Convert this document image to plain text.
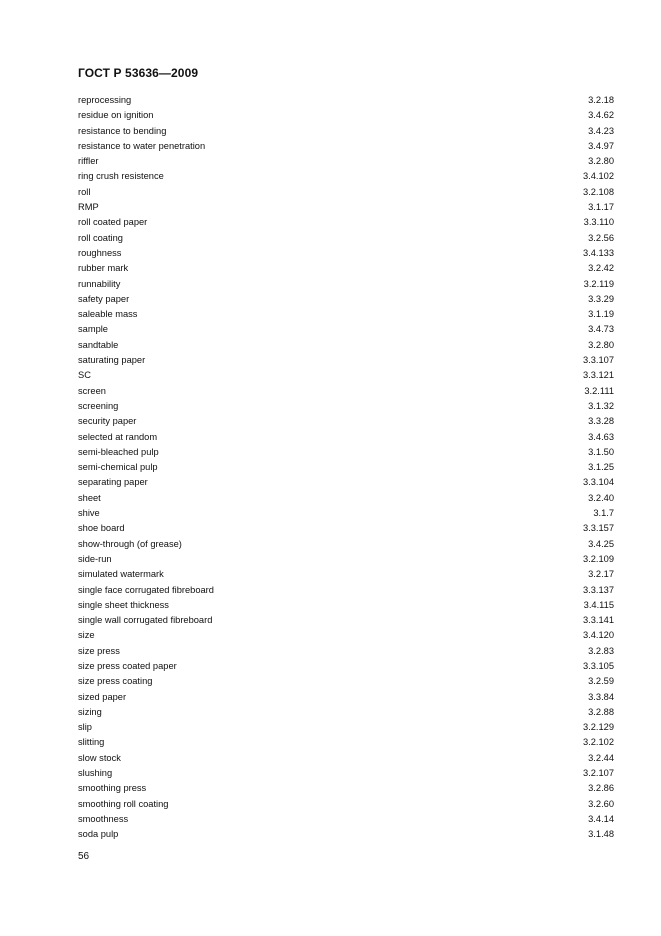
ГОСТ Р 53636—2009
reprocessing	3.2.18
residue on ignition	3.4.62
resistance to bending	3.4.23
resistance to water penetration	3.4.97
riffler	3.2.80
ring crush resistence	3.4.102
roll	3.2.108
RMP	3.1.17
roll coated paper	3.3.110
roll coating	3.2.56
roughness	3.4.133
rubber mark	3.2.42
runnability	3.2.119
safety paper	3.3.29
saleable mass	3.1.19
sample	3.4.73
sandtable	3.2.80
saturating paper	3.3.107
SC	3.3.121
screen	3.2.111
screening	3.1.32
security paper	3.3.28
selected at random	3.4.63
semi-bleached pulp	3.1.50
semi-chemical pulp	3.1.25
separating paper	3.3.104
sheet	3.2.40
shive	3.1.7
shoe board	3.3.157
show-through (of grease)	3.4.25
side-run	3.2.109
simulated watermark	3.2.17
single face corrugated fibreboard	3.3.137
single sheet thickness	3.4.115
single wall corrugated fibreboard	3.3.141
size	3.4.120
size press	3.2.83
size press coated paper	3.3.105
size press coating	3.2.59
sized paper	3.3.84
sizing	3.2.88
slip	3.2.129
slitting	3.2.102
slow stock	3.2.44
slushing	3.2.107
smoothing press	3.2.86
smoothing roll coating	3.2.60
smoothness	3.4.14
soda pulp	3.1.48
56
